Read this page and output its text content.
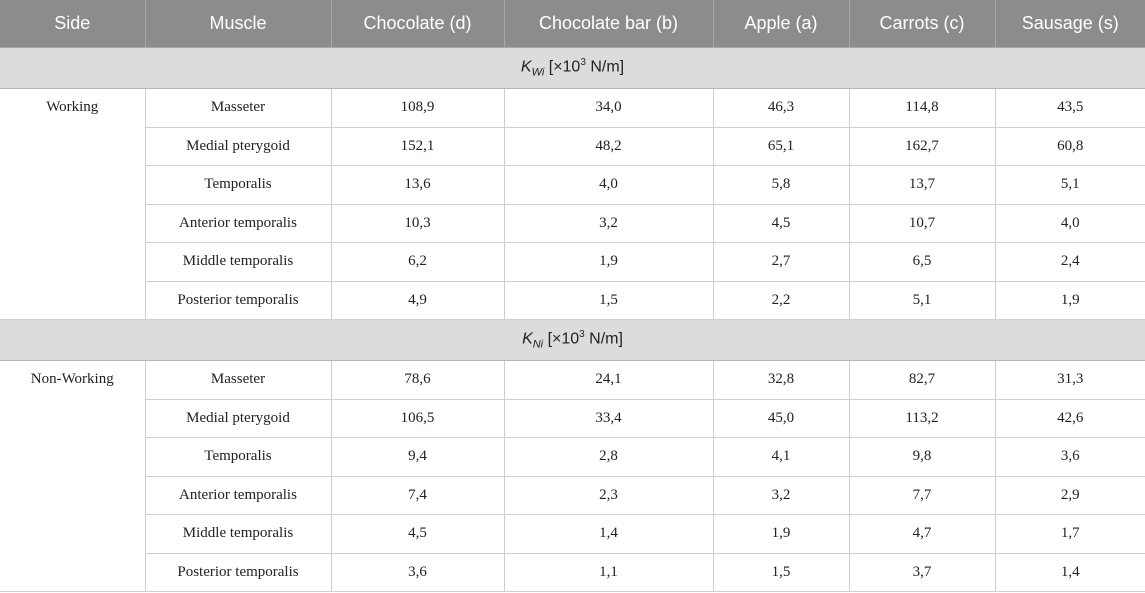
Side	Muscle	Chocolate (d)	Chocolate bar (b)	Apple (a)	Carrots (c)	Sausage (s)
$K_{Wi}$ [$\times 10^3$ N/m]						
Working	Masseter	108,9	34,0	46,3	114,8	43,5
	Medial pterygoid	152,1	48,2	65,1	162,7	60,8
	Temporalis	13,6	4,0	5,8	13,7	5,1
	Anterior temporalis	10,3	3,2	4,5	10,7	4,0
	Middle temporalis	6,2	1,9	2,7	6,5	2,4
	Posterior temporalis	4,9	1,5	2,2	5,1	1,9
$K_{Ni}$ [$\times 10^3$ N/m]						
Non-Working	Masseter	78,6	24,1	32,8	82,7	31,3
	Medial pterygoid	106,5	33,4	45,0	113,2	42,6
	Temporalis	9,4	2,8	4,1	9,8	3,6
	Anterior temporalis	7,4	2,3	3,2	7,7	2,9
	Middle temporalis	4,5	1,4	1,9	4,7	1,7
	Posterior temporalis	3,6	1,1	1,5	3,7	1,4
